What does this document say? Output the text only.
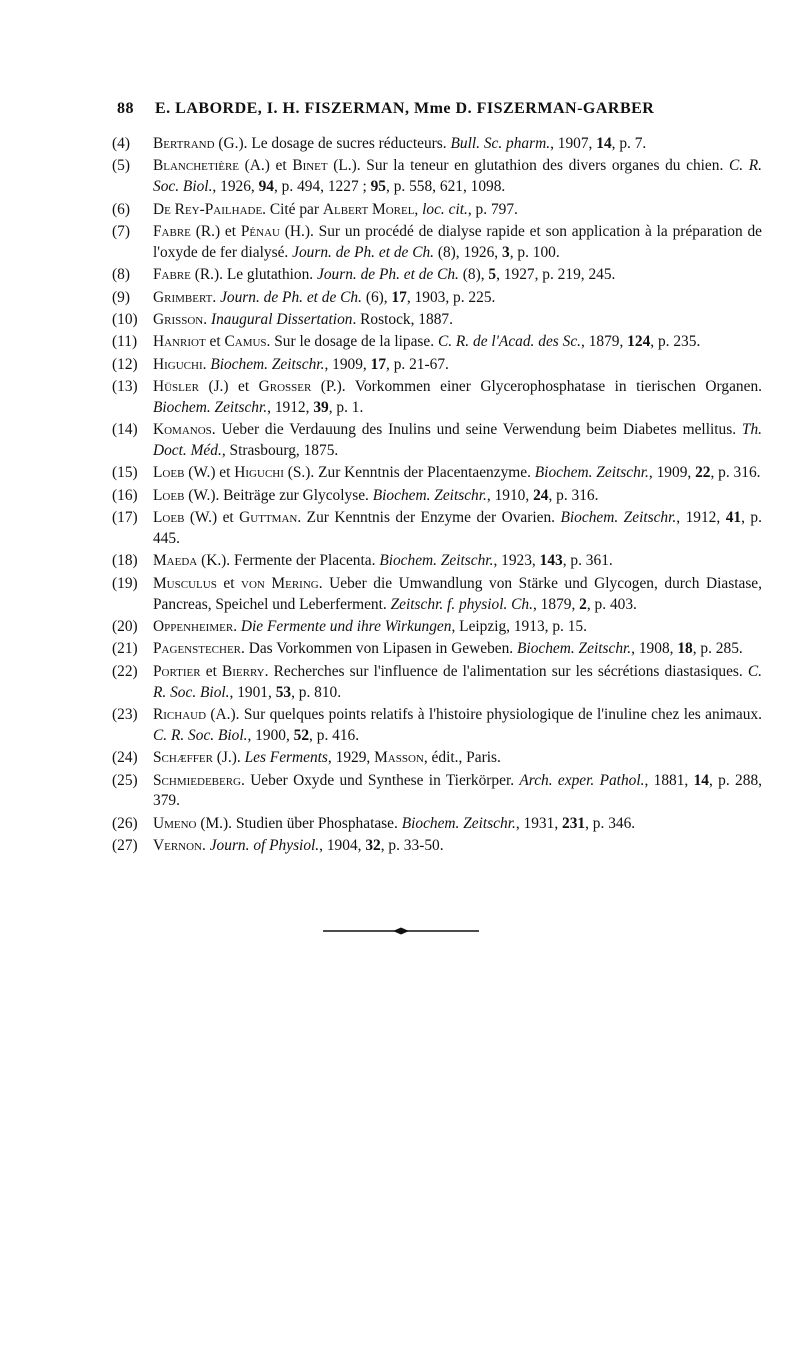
88 E. LABORDE, I. H. FISZERMAN, Mme D. FISZERMAN-GARBER
(4) Bertrand (G.). Le dosage de sucres réducteurs. Bull. Sc. pharm., 1907, 14, p. 7.
(5) Blanchetière (A.) et Binet (L.). Sur la teneur en glutathion des divers organes du chien. C. R. Soc. Biol., 1926, 94, p. 494, 1227 ; 95, p. 558, 621, 1098.
(6) De Rey-Pailhade. Cité par Albert Morel, loc. cit., p. 797.
(7) Fabre (R.) et Pénau (H.). Sur un procédé de dialyse rapide et son application à la préparation de l'oxyde de fer dialysé. Journ. de Ph. et de Ch. (8), 1926, 3, p. 100.
(8) Fabre (R.). Le glutathion. Journ. de Ph. et de Ch. (8), 5, 1927, p. 219, 245.
(9) Grimbert. Journ. de Ph. et de Ch. (6), 17, 1903, p. 225.
(10) Grisson. Inaugural Dissertation. Rostock, 1887.
(11) Hanriot et Camus. Sur le dosage de la lipase. C. R. de l'Acad. des Sc., 1879, 124, p. 235.
(12) Higuchi. Biochem. Zeitschr., 1909, 17, p. 21-67.
(13) Hüsler (J.) et Grosser (P.). Vorkommen einer Glycerophosphatase in tierischen Organen. Biochem. Zeitschr., 1912, 39, p. 1.
(14) Komanos. Ueber die Verdauung des Inulins und seine Verwendung beim Diabetes mellitus. Th. Doct. Méd., Strasbourg, 1875.
(15) Loeb (W.) et Higuchi (S.). Zur Kenntnis der Placentaenzyme. Biochem. Zeitschr., 1909, 22, p. 316.
(16) Loeb (W.). Beiträge zur Glycolyse. Biochem. Zeitschr., 1910, 24, p. 316.
(17) Loeb (W.) et Guttman. Zur Kenntnis der Enzyme der Ovarien. Biochem. Zeitschr., 1912, 41, p. 445.
(18) Maeda (K.). Fermente der Placenta. Biochem. Zeitschr., 1923, 143, p. 361.
(19) Musculus et von Mering. Ueber die Umwandlung von Stärke und Glycogen, durch Diastase, Pancreas, Speichel und Leberferment. Zeitschr. f. physiol. Ch., 1879, 2, p. 403.
(20) Oppenheimer. Die Fermente und ihre Wirkungen, Leipzig, 1913, p. 15.
(21) Pagenstecher. Das Vorkommen von Lipasen in Geweben. Biochem. Zeitschr., 1908, 18, p. 285.
(22) Portier et Bierry. Recherches sur l'influence de l'alimentation sur les sécrétions diastasiques. C. R. Soc. Biol., 1901, 53, p. 810.
(23) Richaud (A.). Sur quelques points relatifs à l'histoire physiologique de l'inuline chez les animaux. C. R. Soc. Biol., 1900, 52, p. 416.
(24) Schæffer (J.). Les Ferments, 1929, Masson, édit., Paris.
(25) Schmiedeberg. Ueber Oxyde und Synthese in Tierkörper. Arch. exper. Pathol., 1881, 14, p. 288, 379.
(26) Umeno (M.). Studien über Phosphatase. Biochem. Zeitschr., 1931, 231, p. 346.
(27) Vernon. Journ. of Physiol., 1904, 32, p. 33-50.
